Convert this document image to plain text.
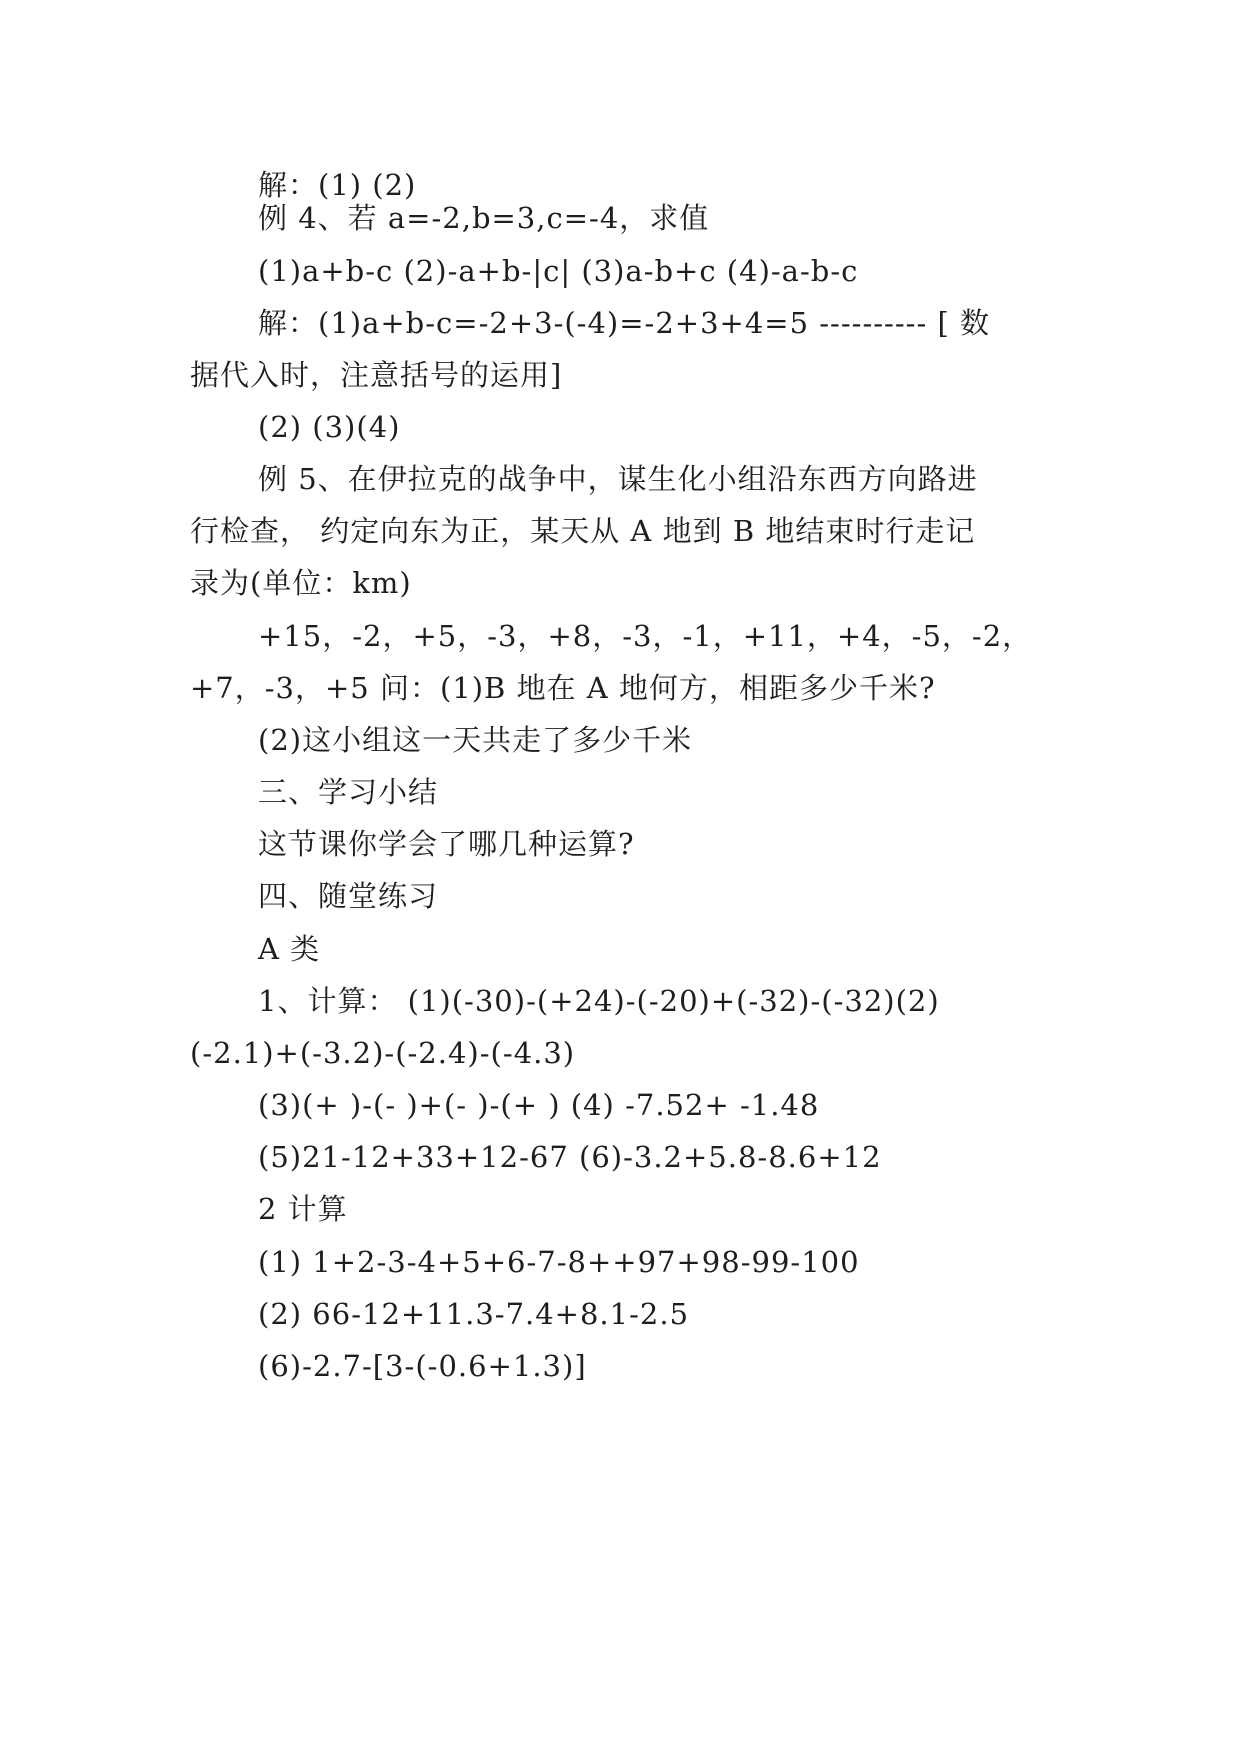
解：(1) (2)
例 4、若 a=-2,b=3,c=-4，求值
(1)a+b-c (2)-a+b-|c| (3)a-b+c (4)-a-b-c
解：(1)a+b-c=-2+3-(-4)=-2+3+4=5 ---------- [ 数
据代入时，注意括号的运用]
(2) (3)(4)
例 5、在伊拉克的战争中，谋生化小组沿东西方向路进
行检查， 约定向东为正，某天从 A 地到 B 地结束时行走记
录为(单位：km)
+15，-2，+5，-3，+8，-3，-1，+11，+4，-5，-2，
+7，-3，+5 问：(1)B 地在 A 地何方，相距多少千米?
(2)这小组这一天共走了多少千米
三、学习小结
这节课你学会了哪几种运算?
四、随堂练习
A 类
1、计算： (1)(-30)-(+24)-(-20)+(-32)-(-32)(2)
(-2.1)+(-3.2)-(-2.4)-(-4.3)
(3)(+ )-(- )+(- )-(+ ) (4) -7.52+ -1.48
(5)21-12+33+12-67 (6)-3.2+5.8-8.6+12
2 计算
(1) 1+2-3-4+5+6-7-8++97+98-99-100
(2) 66-12+11.3-7.4+8.1-2.5
(6)-2.7-[3-(-0.6+1.3)]
